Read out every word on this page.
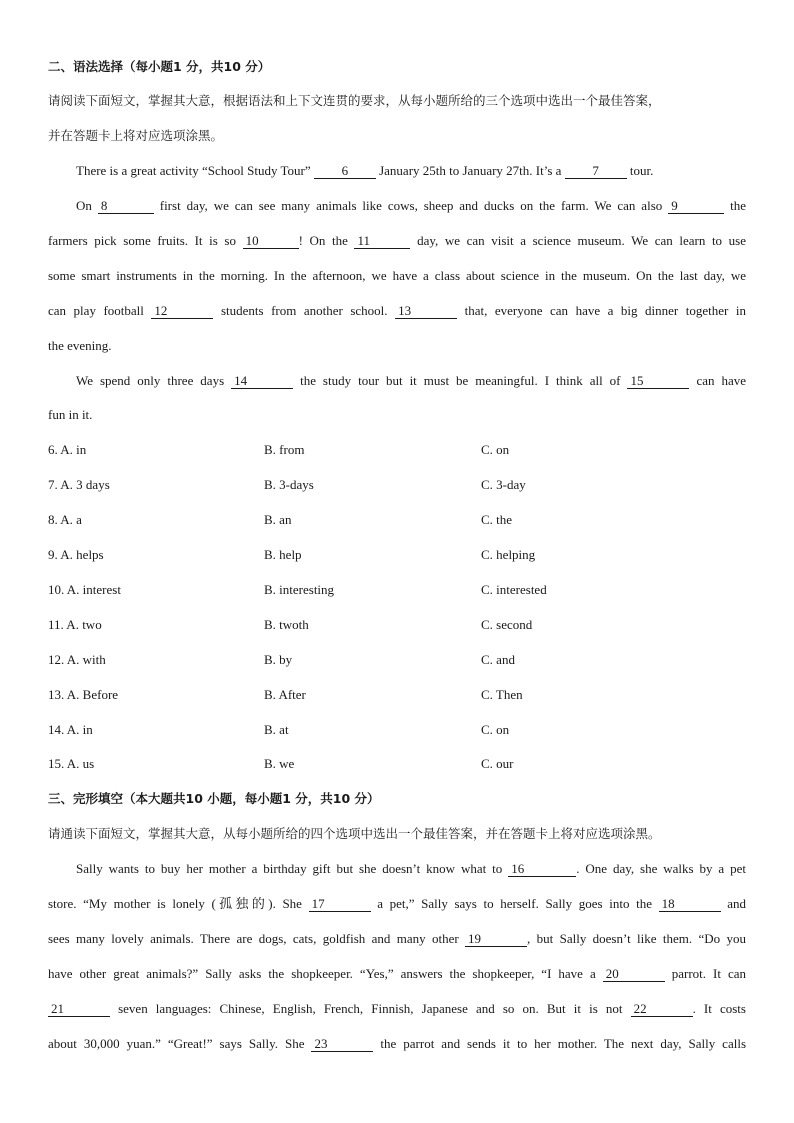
二、语法选择（每小题1 分，共10 分）
请阅读下面短文，掌握其大意，根据语法和上下文连贯的要求，从每小题所给的三个选项中选出一个最佳答案，
并在答题卡上将对应选项涂黑。
There is a great activity “School Study Tour” 6 January 25th to January 27th. It’s a 7 tour.
On 8	first day, we can see many animals like cows, sheep and ducks on the farm. We can also 9	the
farmers pick some fruits. It is so 10	! On the 11	day, we can visit a science museum. We can learn to use
some smart instruments in the morning. In the afternoon, we have a class about science in the museum. On the last day, we
can play football 12	students from another school. 13	that, everyone can have a big dinner together in
the evening.
We spend only three days 14	the study tour but it must be meaningful. I think all of 15	can have
fun in it.
6. A. in	B. from	C. on
7. A. 3 days	B. 3-days	C. 3-day
8. A. a	B. an	C. the
9. A. helps	B. help	C. helping
10. A. interest	B. interesting	C. interested
11. A. two	B. twoth	C. second
12. A. with	B. by	C. and
13. A. Before	B. After	C. Then
14. A. in	B. at	C. on
15. A. us	B. we	C. our
三、完形填空（本大题共10 小题，每小题1 分，共10 分）
请通读下面短文，掌握其大意，从每小题所给的四个选项中选出一个最佳答案，并在答题卡上将对应选项涂黑。
Sally wants to buy her mother a birthday gift but she doesn’t know what to 16	. One day, she walks by a pet
store. “My mother is lonely (孤独的). She 17	a pet,” Sally says to herself. Sally goes into the 18	and
sees many lovely animals. There are dogs, cats, goldfish and many other 19	, but Sally doesn’t like them. “Do you
have other great animals?” Sally asks the shopkeeper. “Yes,” answers the shopkeeper, “I have a 20	parrot. It can
21	seven languages: Chinese, English, French, Finnish, Japanese and so on. But it is not 22	. It costs
about 30,000 yuan.” “Great!” says Sally. She 23	the parrot and sends it to her mother. The next day, Sally calls
